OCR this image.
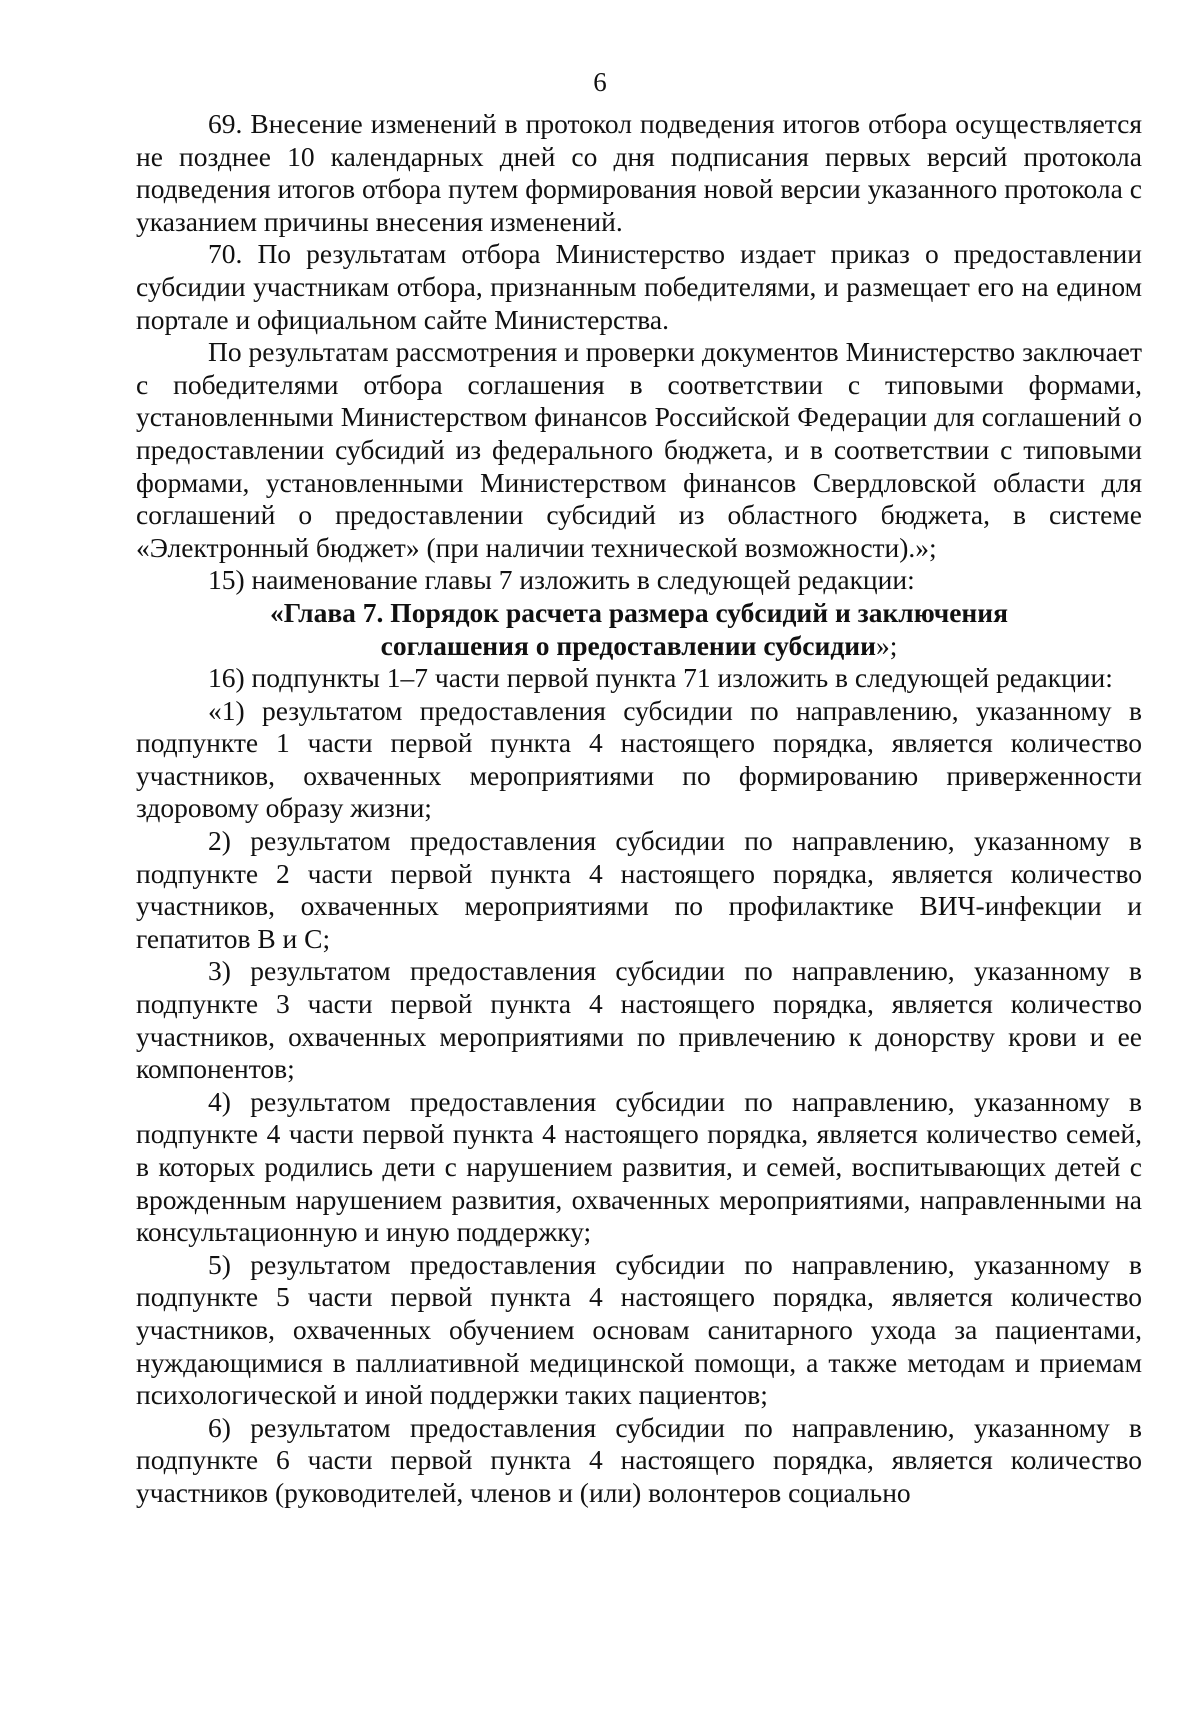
6

69. Внесение изменений в протокол подведения итогов отбора осуществляется не позднее 10 календарных дней со дня подписания первых версий протокола подведения итогов отбора путем формирования новой версии указанного протокола с указанием причины внесения изменений.

70. По результатам отбора Министерство издает приказ о предоставлении субсидии участникам отбора, признанным победителями, и размещает его на едином портале и официальном сайте Министерства.

По результатам рассмотрения и проверки документов Министерство заключает с победителями отбора соглашения в соответствии с типовыми формами, установленными Министерством финансов Российской Федерации для соглашений о предоставлении субсидий из федерального бюджета, и в соответствии с типовыми формами, установленными Министерством финансов Свердловской области для соглашений о предоставлении субсидий из областного бюджета, в системе «Электронный бюджет» (при наличии технической возможности).»;

15) наименование главы 7 изложить в следующей редакции:

«Глава 7. Порядок расчета размера субсидий и заключения
соглашения о предоставлении субсидии»;

16) подпункты 1–7 части первой пункта 71 изложить в следующей редакции:

«1) результатом предоставления субсидии по направлению, указанному в подпункте 1 части первой пункта 4 настоящего порядка, является количество участников, охваченных мероприятиями по формированию приверженности здоровому образу жизни;

2) результатом предоставления субсидии по направлению, указанному в подпункте 2 части первой пункта 4 настоящего порядка, является количество участников, охваченных мероприятиями по профилактике ВИЧ-инфекции и гепатитов В и С;

3) результатом предоставления субсидии по направлению, указанному в подпункте 3 части первой пункта 4 настоящего порядка, является количество участников, охваченных мероприятиями по привлечению к донорству крови и ее компонентов;

4) результатом предоставления субсидии по направлению, указанному в подпункте 4 части первой пункта 4 настоящего порядка, является количество семей, в которых родились дети с нарушением развития, и семей, воспитывающих детей с врожденным нарушением развития, охваченных мероприятиями, направленными на консультационную и иную поддержку;

5) результатом предоставления субсидии по направлению, указанному в подпункте 5 части первой пункта 4 настоящего порядка, является количество участников, охваченных обучением основам санитарного ухода за пациентами, нуждающимися в паллиативной медицинской помощи, а также методам и приемам психологической и иной поддержки таких пациентов;

6) результатом предоставления субсидии по направлению, указанному в подпункте 6 части первой пункта 4 настоящего порядка, является количество участников (руководителей, членов и (или) волонтеров социально
